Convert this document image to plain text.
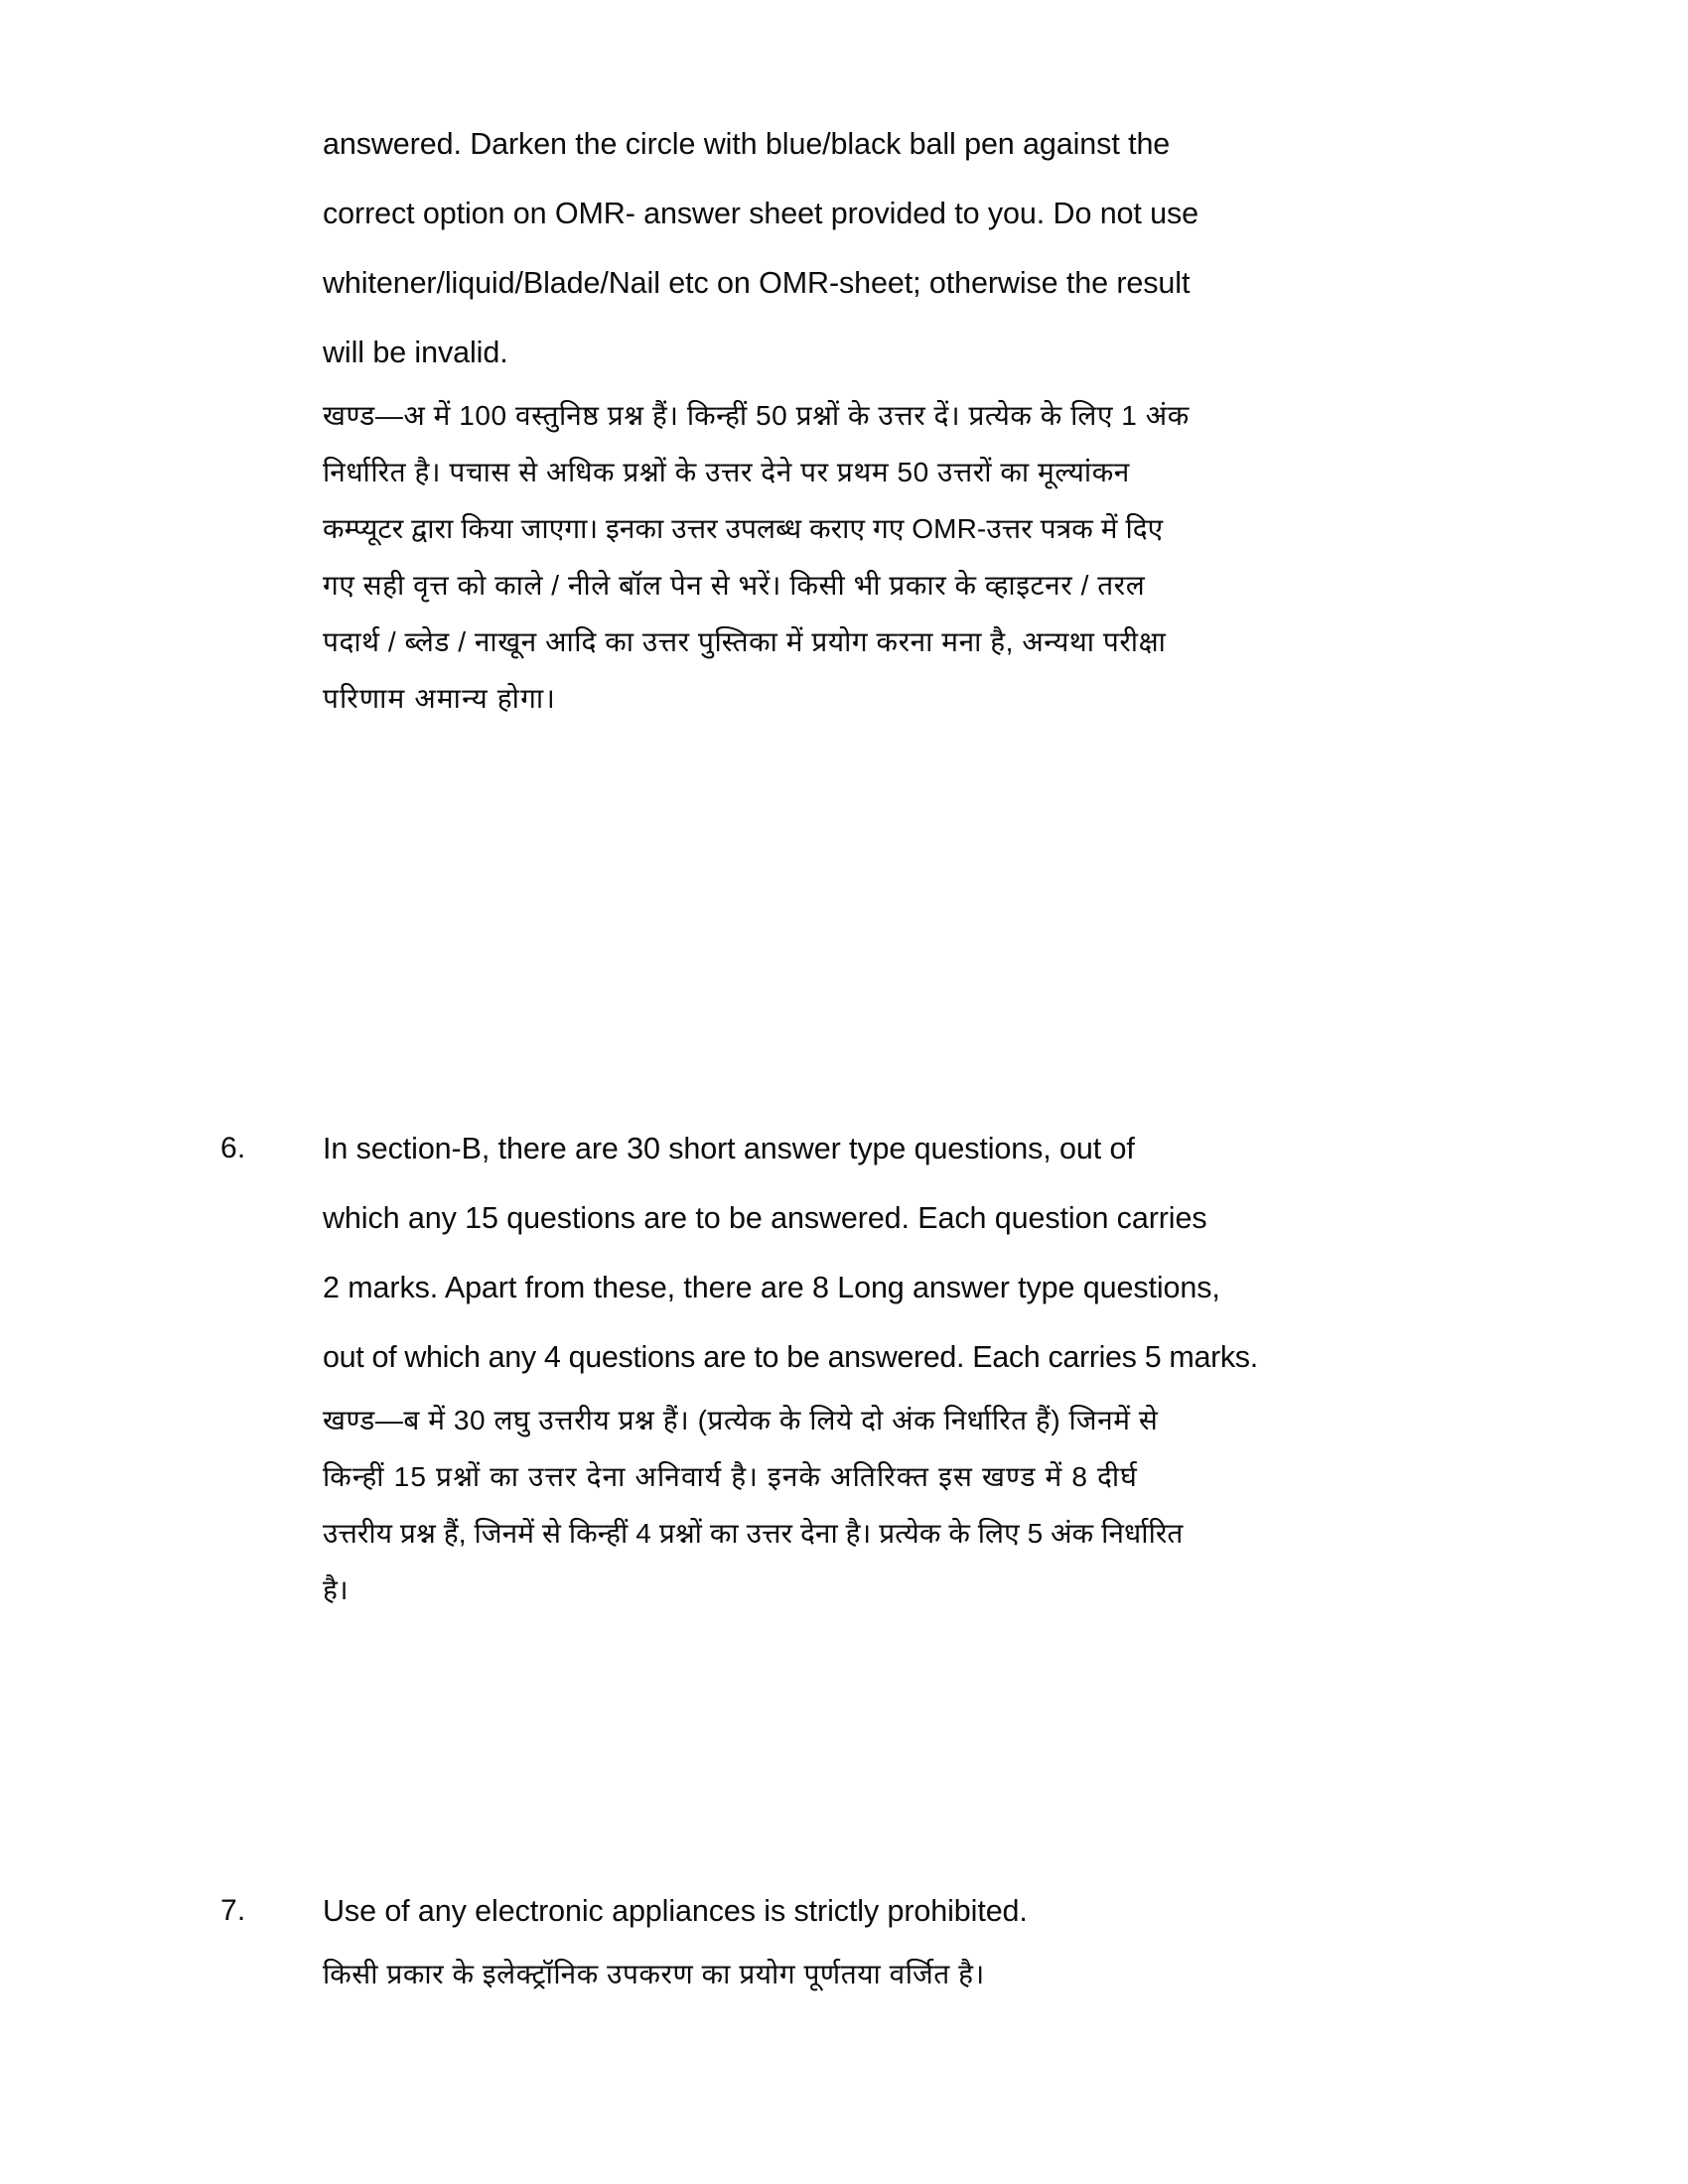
answered. Darken the circle with blue/black ball pen against the
correct option on OMR- answer sheet provided to you. Do not use
whitener/liquid/Blade/Nail etc on OMR-sheet; otherwise the result
will be invalid.
खण्ड—अ में 100 वस्तुनिष्ठ प्रश्न हैं। किन्हीं 50 प्रश्नों के उत्तर दें। प्रत्येक के लिए 1 अंक
निर्धारित है। पचास से अधिक प्रश्नों के उत्तर देने पर प्रथम 50 उत्तरों का मूल्यांकन
कम्प्यूटर द्वारा किया जाएगा। इनका उत्तर उपलब्ध कराए गए OMR-उत्तर पत्रक में दिए
गए सही वृत्त को काले / नीले बॉल पेन से भरें। किसी भी प्रकार के व्हाइटनर / तरल
पदार्थ / ब्लेड / नाखून आदि का उत्तर पुस्तिका में प्रयोग करना मना है, अन्यथा परीक्षा
परिणाम अमान्य होगा।
6.	In section-B, there are 30 short answer type questions, out of
which any 15 questions are to be answered. Each question carries
2 marks. Apart from these, there are 8 Long answer type questions,
out of which any 4 questions are to be answered. Each carries 5 marks.
खण्ड—ब में 30 लघु उत्तरीय प्रश्न हैं। (प्रत्येक के लिये दो अंक निर्धारित हैं) जिनमें से
किन्हीं 15 प्रश्नों का उत्तर देना अनिवार्य है। इनके अतिरिक्त इस खण्ड में 8 दीर्घ
उत्तरीय प्रश्न हैं, जिनमें से किन्हीं 4 प्रश्नों का उत्तर देना है। प्रत्येक के लिए 5 अंक निर्धारित
है।
7.	Use of any electronic appliances is strictly prohibited.
किसी प्रकार के इलेक्ट्रॉनिक उपकरण का प्रयोग पूर्णतया वर्जित है।
